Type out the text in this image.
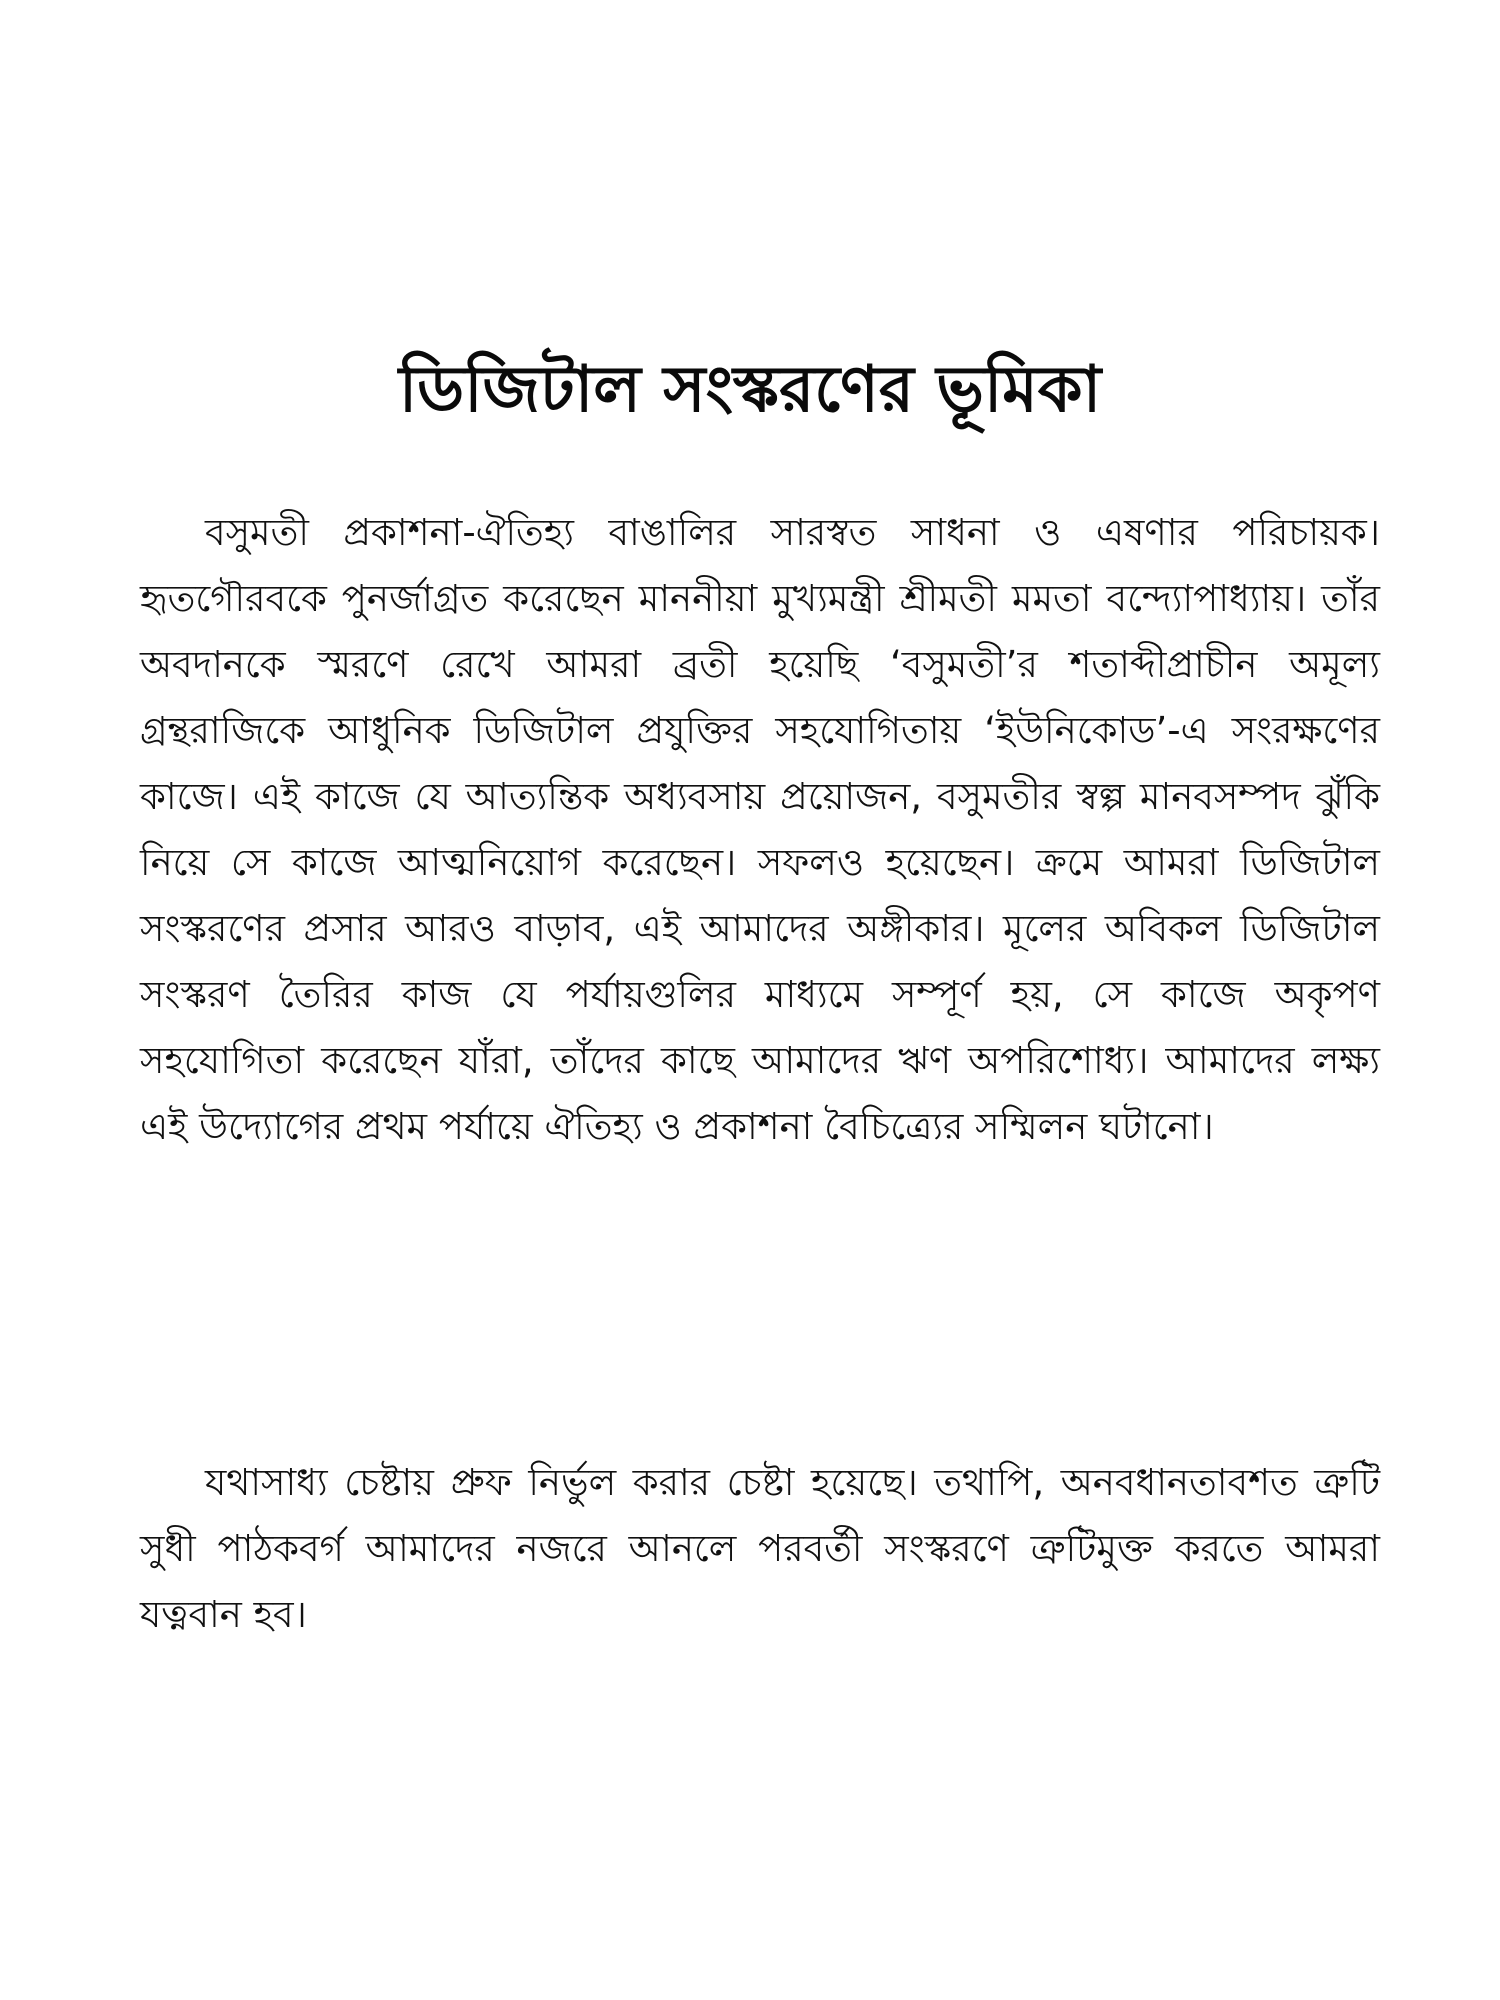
ডিজিটাল সংস্করণের ভূমিকা

বসুমতী প্রকাশনা-ঐতিহ্য বাঙালির সারস্বত সাধনা ও এষণার পরিচায়ক। হৃতগৌরবকে পুনর্জাগ্রত করেছেন মাননীয়া মুখ্যমন্ত্রী শ্রীমতী মমতা বন্দ্যোপাধ্যায়। তাঁর অবদানকে স্মরণে রেখে আমরা ব্রতী হয়েছি ‘বসুমতী’র শতাব্দীপ্রাচীন অমূল্য গ্রন্থরাজিকে আধুনিক ডিজিটাল প্রযুক্তির সহযোগিতায় ‘ইউনিকোড’-এ সংরক্ষণের কাজে। এই কাজে যে আত্যন্তিক অধ্যবসায় প্রয়োজন, বসুমতীর স্বল্প মানবসম্পদ ঝুঁকি নিয়ে সে কাজে আত্মনিয়োগ করেছেন। সফলও হয়েছেন। ক্রমে আমরা ডিজিটাল সংস্করণের প্রসার আরও বাড়াব, এই আমাদের অঙ্গীকার। মূলের অবিকল ডিজিটাল সংস্করণ তৈরির কাজ যে পর্যায়গুলির মাধ্যমে সম্পূর্ণ হয়, সে কাজে অকৃপণ সহযোগিতা করেছেন যাঁরা, তাঁদের কাছে আমাদের ঋণ অপরিশোধ্য। আমাদের লক্ষ্য এই উদ্যোগের প্রথম পর্যায়ে ঐতিহ্য ও প্রকাশনা বৈচিত্র্যের সম্মিলন ঘটানো।

যথাসাধ্য চেষ্টায় প্রুফ নির্ভুল করার চেষ্টা হয়েছে। তথাপি, অনবধানতাবশত ত্রুটি সুধী পাঠকবর্গ আমাদের নজরে আনলে পরবর্তী সংস্করণে ত্রুটিমুক্ত করতে আমরা যত্নবান হব।
